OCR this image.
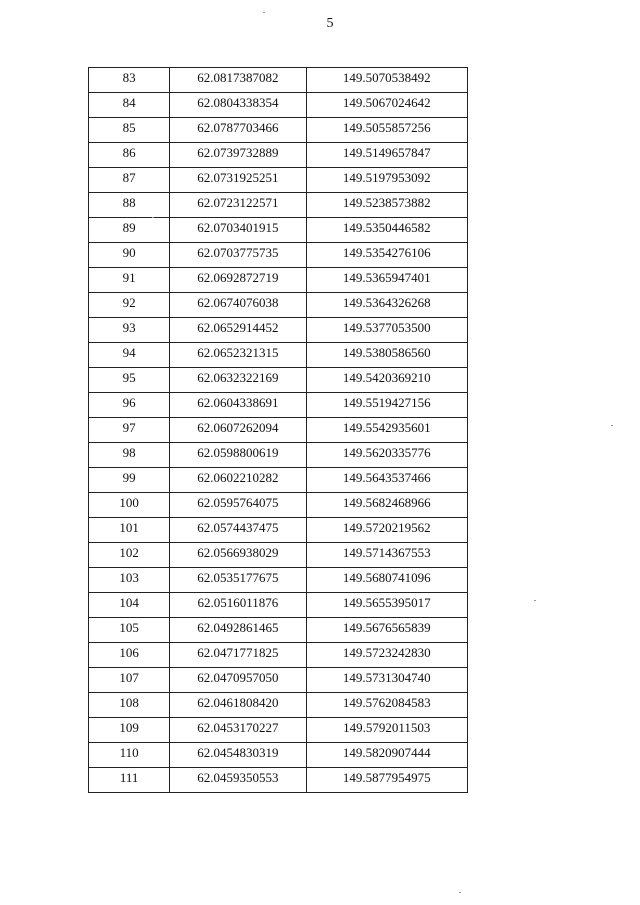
5
83	62.0817387082	149.5070538492
84	62.0804338354	149.5067024642
85	62.0787703466	149.5055857256
86	62.0739732889	149.5149657847
87	62.0731925251	149.5197953092
88	62.0723122571	149.5238573882
89	62.0703401915	149.5350446582
90	62.0703775735	149.5354276106
91	62.0692872719	149.5365947401
92	62.0674076038	149.5364326268
93	62.0652914452	149.5377053500
94	62.0652321315	149.5380586560
95	62.0632322169	149.5420369210
96	62.0604338691	149.5519427156
97	62.0607262094	149.5542935601
98	62.0598800619	149.5620335776
99	62.0602210282	149.5643537466
100	62.0595764075	149.5682468966
101	62.0574437475	149.5720219562
102	62.0566938029	149.5714367553
103	62.0535177675	149.5680741096
104	62.0516011876	149.5655395017
105	62.0492861465	149.5676565839
106	62.0471771825	149.5723242830
107	62.0470957050	149.5731304740
108	62.0461808420	149.5762084583
109	62.0453170227	149.5792011503
110	62.0454830319	149.5820907444
111	62.0459350553	149.5877954975
